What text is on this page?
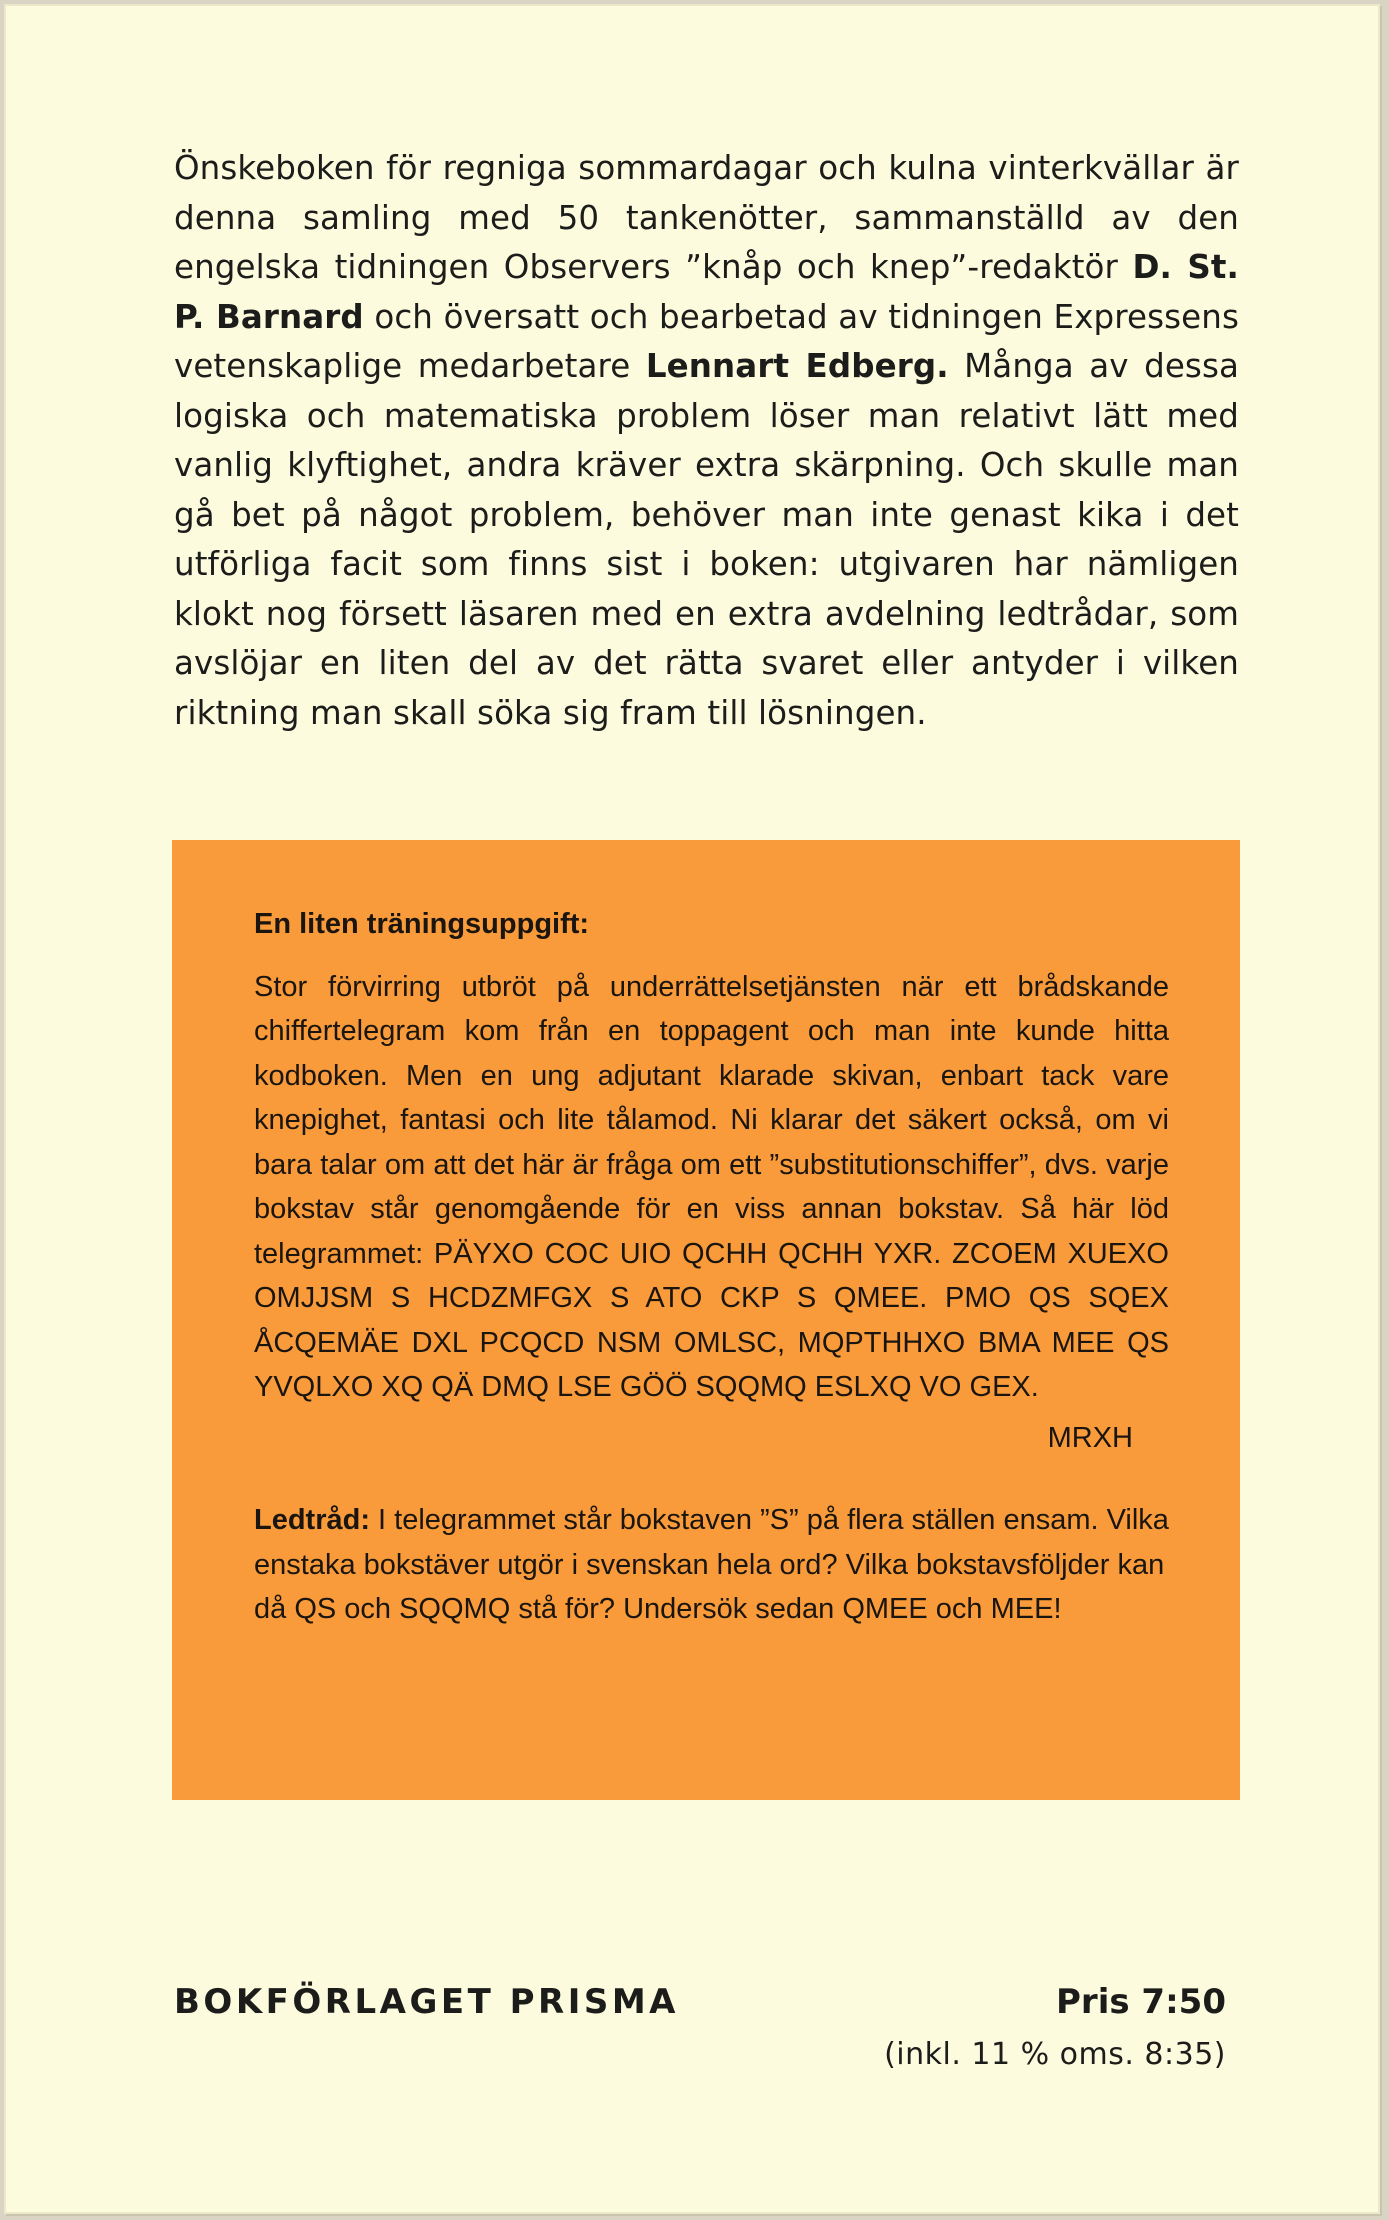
Önskeboken för regniga sommardagar och kulna vinterkvällar är denna samling med 50 tankenötter, sammanställd av den engelska tidningen Observers ”knåp och knep”-redaktör D. St. P. Barnard och översatt och bearbetad av tidningen Expressens vetenskaplige medarbetare Lennart Edberg. Många av dessa logiska och matematiska problem löser man relativt lätt med vanlig klyftighet, andra kräver extra skärpning. Och skulle man gå bet på något problem, behöver man inte genast kika i det utförliga facit som finns sist i boken: utgivaren har nämligen klokt nog försett läsaren med en extra avdelning ledtrådar, som avslöjar en liten del av det rätta svaret eller antyder i vilken riktning man skall söka sig fram till lösningen.
En liten träningsuppgift:
Stor förvirring utbröt på underrättelsetjänsten när ett brådskande chiffertelegram kom från en toppagent och man inte kunde hitta kodboken. Men en ung adjutant klarade skivan, enbart tack vare knepighet, fantasi och lite tålamod. Ni klarar det säkert också, om vi bara talar om att det här är fråga om ett ”substitutionschiffer”, dvs. varje bokstav står genomgående för en viss annan bokstav. Så här löd telegrammet: PÄYXO COC UIO QCHH QCHH YXR. ZCOEM XUEXO OMJJSM S HCDZMFGX S ATO CKP S QMEE. PMO QS SQEX ÅCQEMÄE DXL PCQCD NSM OMLSC, MQPTHHXO BMA MEE QS YVQLXO XQ QÄ DMQ LSE GÖÖ SQQMQ ESLXQ VO GEX.
MRXH
Ledtråd: I telegrammet står bokstaven ”S” på flera ställen ensam. Vilka enstaka bokstäver utgör i svenskan hela ord? Vilka bokstavsföljder kan då QS och SQQMQ stå för? Undersök sedan QMEE och MEE!
BOKFÖRLAGET PRISMA	Pris 7:50
(inkl. 11 % oms. 8:35)
